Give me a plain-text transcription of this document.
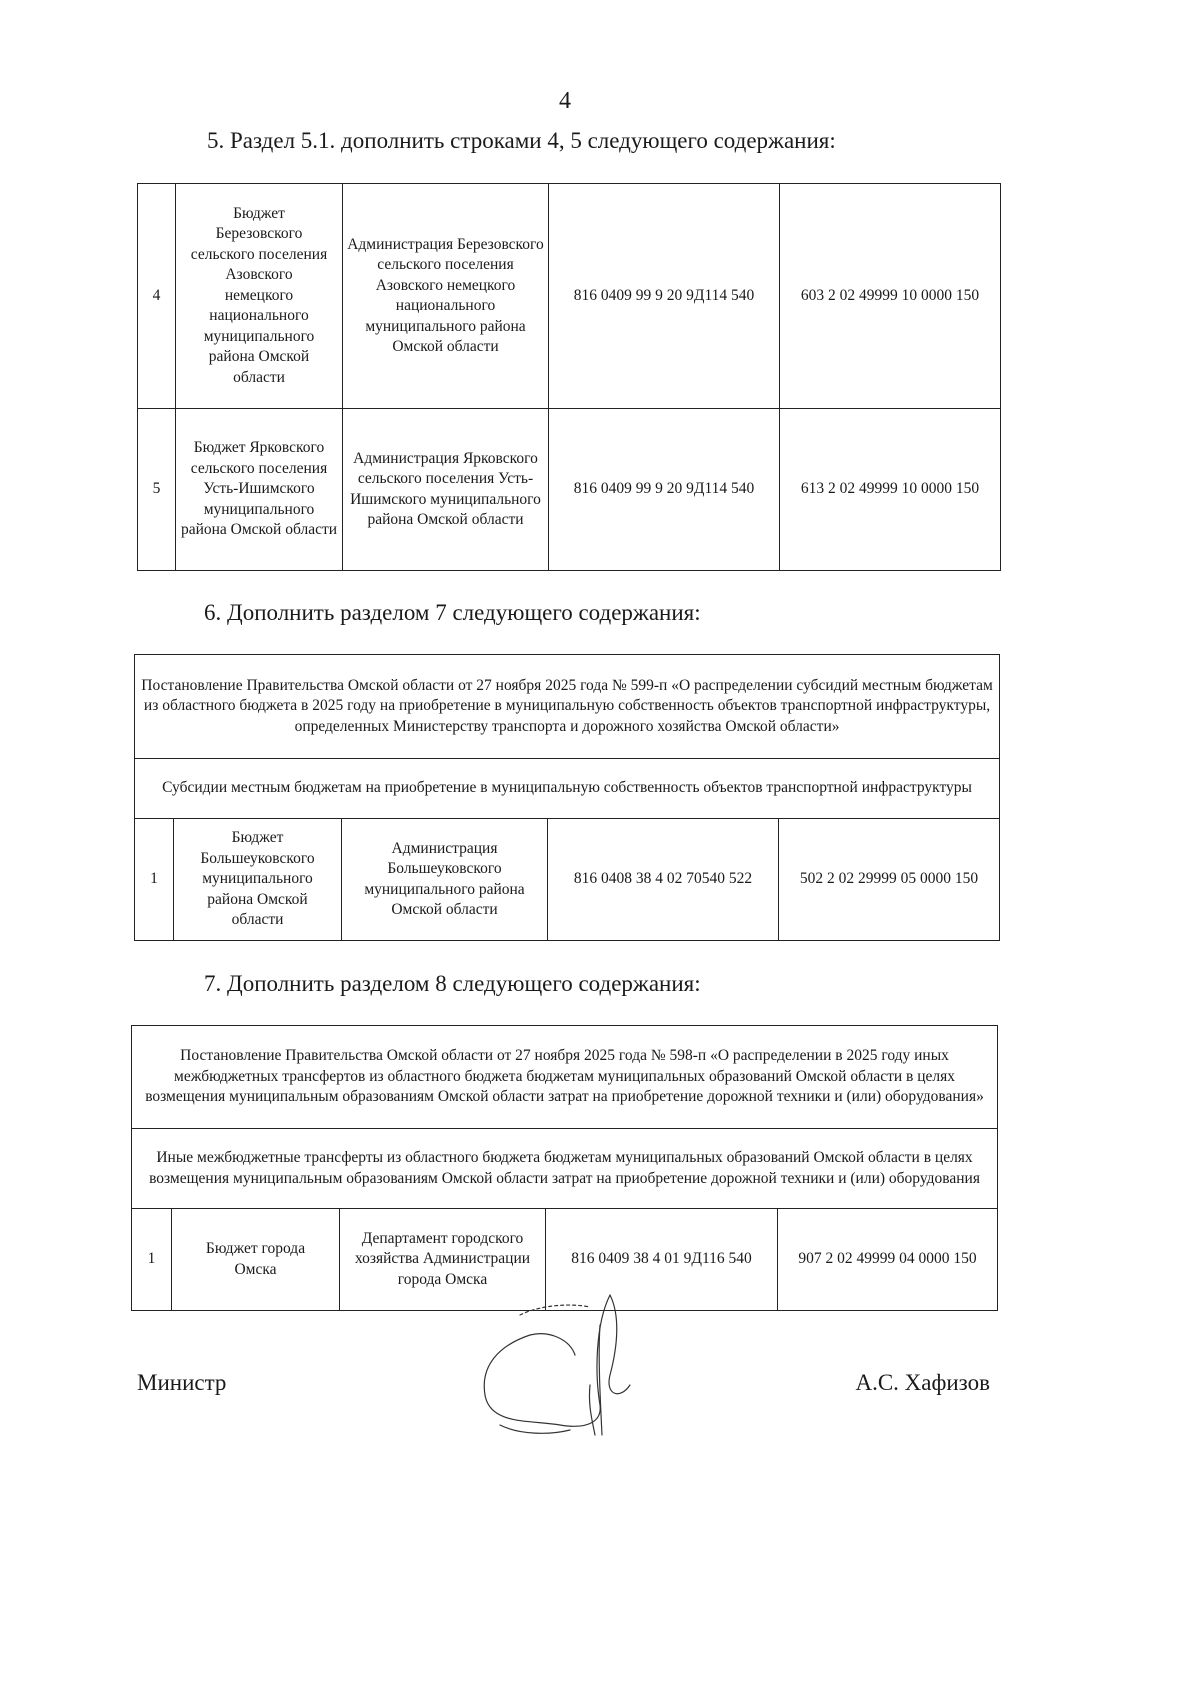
4
5. Раздел 5.1. дополнить строками 4, 5 следующего содержания:
4	Бюджет Березовского сельского поселения Азовского немецкого национального муниципального района Омской области	Администрация Березовского сельского поселения Азовского немецкого национального муниципального района Омской области	816 0409 99 9 20 9Д114 540	603 2 02 49999 10 0000 150
5	Бюджет Ярковского сельского поселения Усть-Ишимского муниципального района Омской области	Администрация Ярковского сельского поселения Усть-Ишимского муниципального района Омской области	816 0409 99 9 20 9Д114 540	613 2 02 49999 10 0000 150
6. Дополнить разделом 7 следующего содержания:
Постановление Правительства Омской области от 27 ноября 2025 года № 599-п «О распределении субсидий местным бюджетам из областного бюджета в 2025 году на приобретение в муниципальную собственность объектов транспортной инфраструктуры, определенных Министерству транспорта и дорожного хозяйства Омской области»
Субсидии местным бюджетам на приобретение в муниципальную собственность объектов транспортной инфраструктуры
1	Бюджет Большеуковского муниципального района Омской области	Администрация Большеуковского муниципального района Омской области	816 0408 38 4 02 70540 522	502 2 02 29999 05 0000 150
7. Дополнить разделом 8 следующего содержания:
Постановление Правительства Омской области от 27 ноября 2025 года № 598-п «О распределении в 2025 году иных межбюджетных трансфертов из областного бюджета бюджетам муниципальных образований Омской области в целях возмещения муниципальным образованиям Омской области затрат на приобретение дорожной техники и (или) оборудования»
Иные межбюджетные трансферты из областного бюджета бюджетам муниципальных образований Омской области в целях возмещения муниципальным образованиям Омской области затрат на приобретение дорожной техники и (или) оборудования
1	Бюджет города Омска	Департамент городского хозяйства Администрации города Омска	816 0409 38 4 01 9Д116 540	907 2 02 49999 04 0000 150
Министр	А.С. Хафизов
